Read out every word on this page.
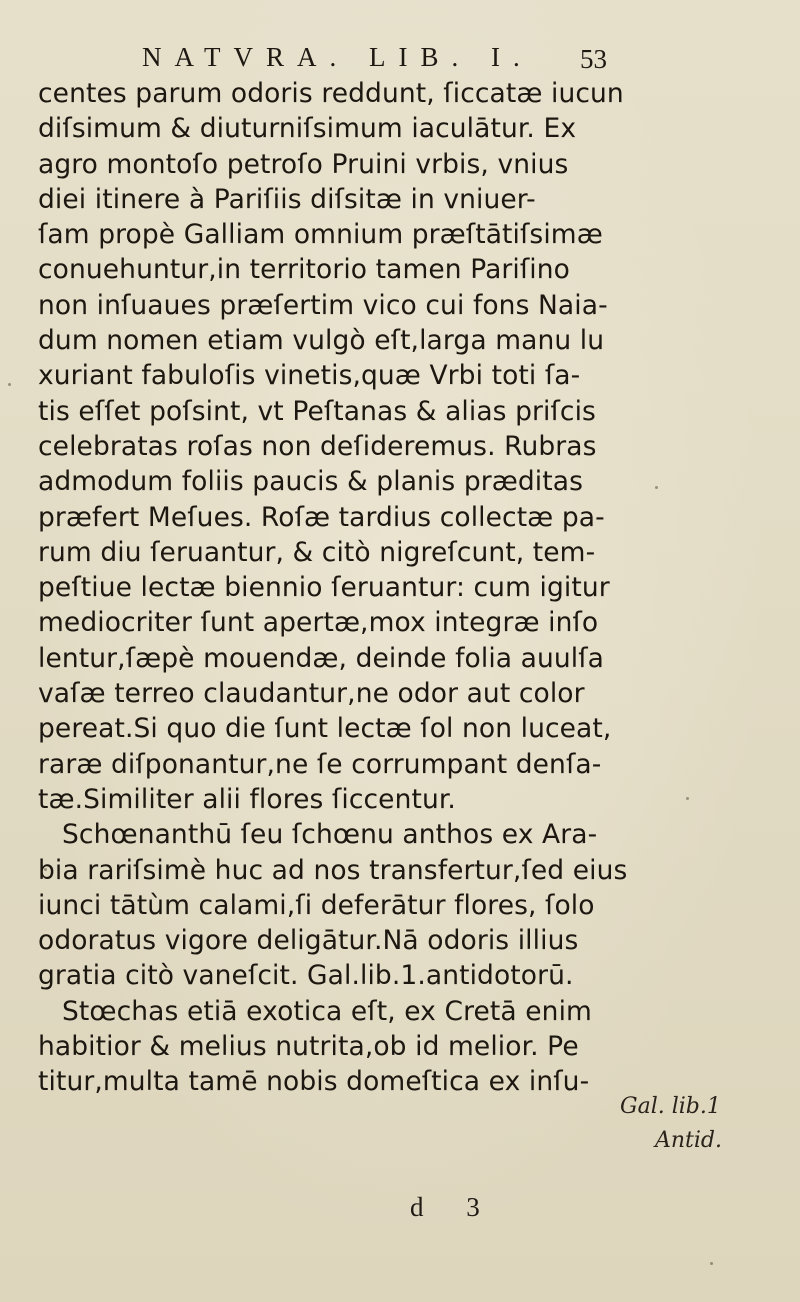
NATVRA. LIB. I. 53
centes parum odoris reddunt, ſiccatæ iucun
diſsimum & diuturniſsimum iaculātur. Ex
agro montoſo petroſo Pruini vrbis, vnius
diei itinere à Pariſiis diſsitæ in vniuer-
ſam propè Galliam omnium præſtātiſsimæ
conuehuntur,in territorio tamen Pariſino
non inſuaues præſertim vico cui fons Naia-
dum nomen etiam vulgò eſt,larga manu lu
xuriant fabuloſis vinetis,quæ Vrbi toti ſa-
tis eſſet poſsint, vt Peſtanas & alias priſcis
celebratas roſas non deſideremus. Rubras
admodum foliis paucis & planis præditas
præfert Meſues. Roſæ tardius collectæ pa-
rum diu ſeruantur, & citò nigreſcunt, tem-
peſtiue lectæ biennio ſeruantur: cum igitur
mediocriter ſunt apertæ,mox integræ inſo
lentur,ſæpè mouendæ, deinde folia auulſa
vaſæ terreo claudantur,ne odor aut color
pereat.Si quo die ſunt lectæ ſol non luceat,
raræ diſponantur,ne ſe corrumpant denſa-
tæ.Similiter alii flores ſiccentur.
Schœnanthū ſeu ſchœnu anthos ex Ara-
bia rariſsimè huc ad nos transfertur,ſed eius
iunci tātùm calami,ſi deferātur flores, ſolo
odoratus vigore deligātur.Nā odoris illius
gratia citò vaneſcit. Gal.lib.1.antidotorū.
Stœchas etiā exotica eſt, ex Cretā enim
habitior & melius nutrita,ob id melior. Pe
titur,multa tamē nobis domeſtica ex inſu-
Gal. lib.1
Antid.
d 3
